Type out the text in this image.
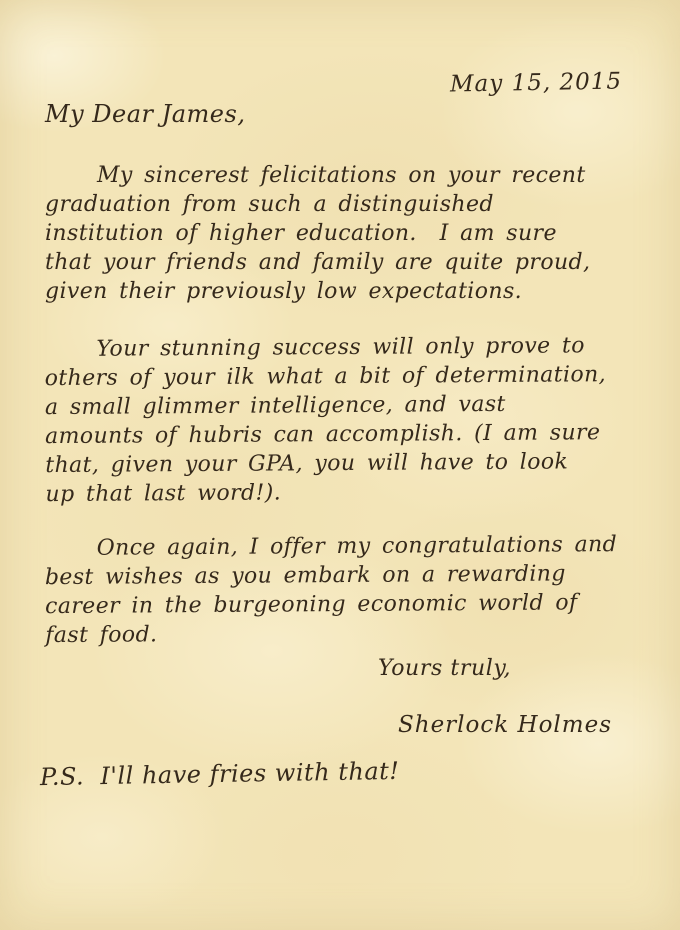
May 15, 2015
My Dear James,
My sincerest felicitations on your recent
graduation from such a distinguished
institution of higher education.  I am sure
that your friends and family are quite proud,
given their previously low expectations.
Your stunning success will only prove to
others of your ilk what a bit of determination,
a small glimmer intelligence, and vast
amounts of hubris can accomplish. (I am sure
that, given your GPA, you will have to look
up that last word!).
Once again, I offer my congratulations and
best wishes as you embark on a rewarding
career in the burgeoning economic world of
fast food.
Yours truly,
Sherlock Holmes
P.S.  I'll have fries with that!
